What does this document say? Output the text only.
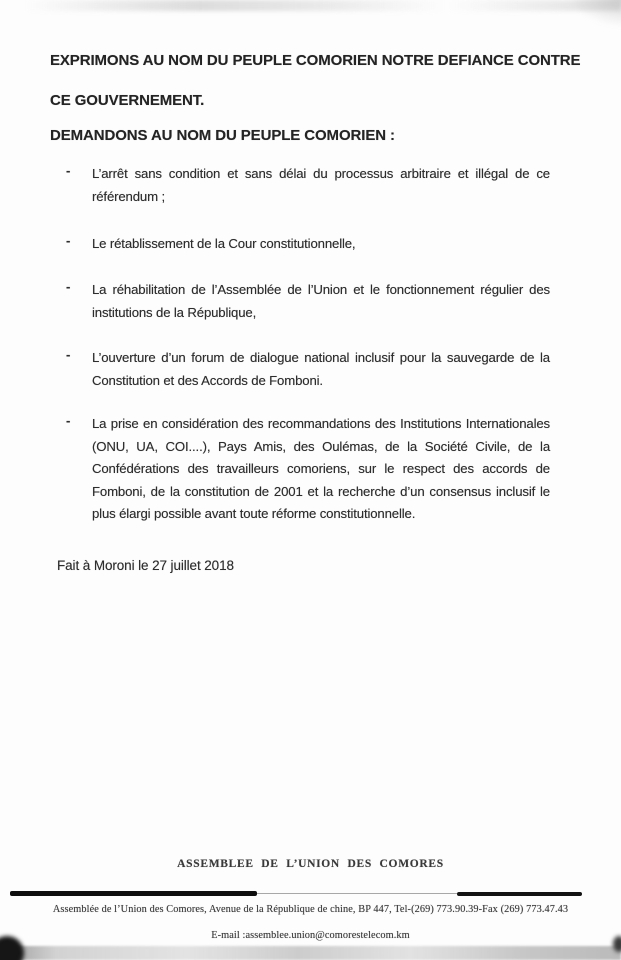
EXPRIMONS AU NOM DU PEUPLE COMORIEN NOTRE DEFIANCE CONTRE

CE GOUVERNEMENT.

DEMANDONS AU NOM DU PEUPLE COMORIEN :

- L’arrêt sans condition et sans délai du processus arbitraire et illégal de ce référendum ;

- Le rétablissement de la Cour constitutionnelle,

- La réhabilitation de l’Assemblée de l’Union et le fonctionnement régulier des institutions de la République,

- L’ouverture d’un forum de dialogue national inclusif pour la sauvegarde de la Constitution et des Accords de Fomboni.

- La prise en considération des recommandations des Institutions Internationales (ONU, UA, COI....), Pays Amis, des Oulémas, de la Société Civile, de la Confédérations des travailleurs comoriens, sur le respect des accords de Fomboni, de la constitution de 2001 et la recherche d’un consensus inclusif le plus élargi possible avant toute réforme constitutionnelle.

Fait à Moroni le 27 juillet 2018

ASSEMBLEE DE L’UNION DES COMORES

Assemblée de l’Union des Comores, Avenue de la République de chine, BP 447, Tel-(269) 773.90.39-Fax (269) 773.47.43

E-mail :assemblee.union@comorestelecom.km
